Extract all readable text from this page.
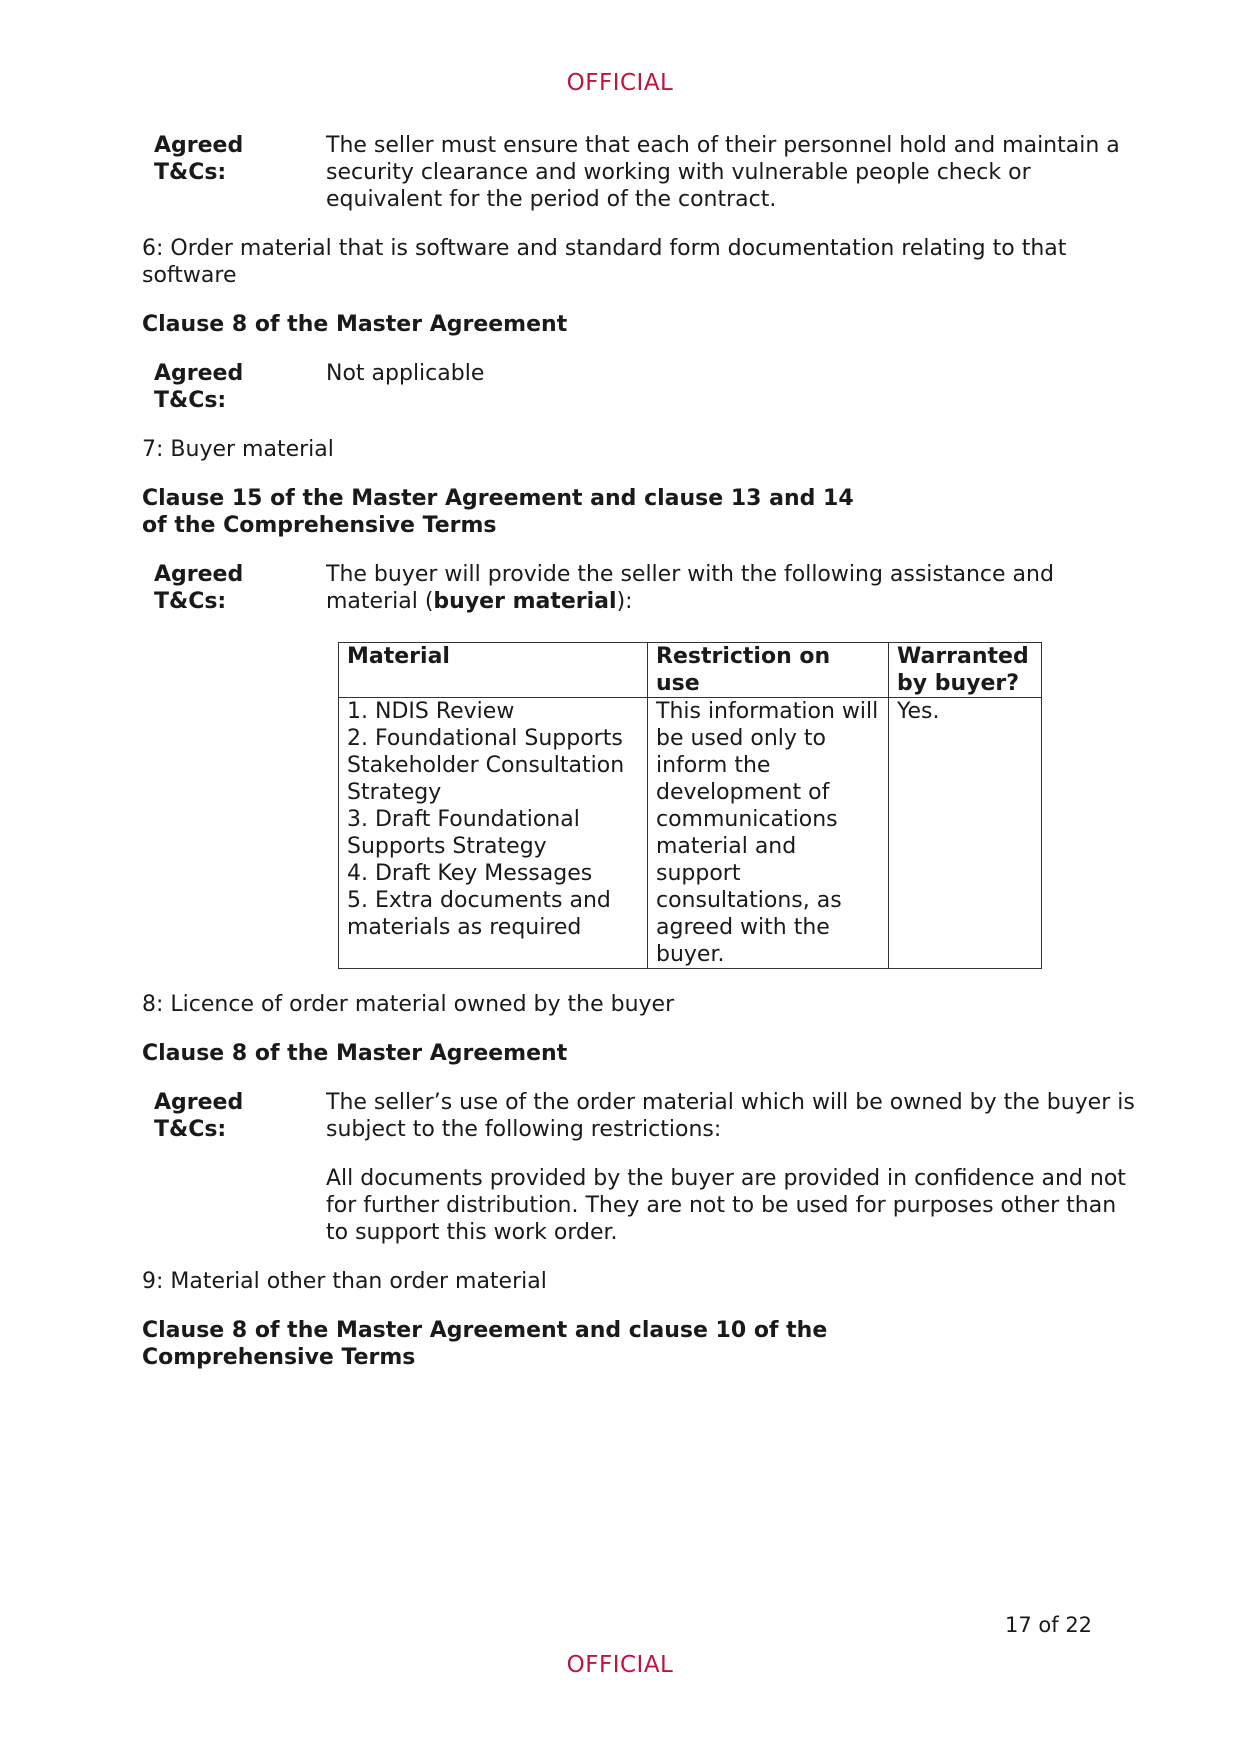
OFFICIAL
Agreed T&Cs:
The seller must ensure that each of their personnel hold and maintain a security clearance and working with vulnerable people check or equivalent for the period of the contract.
6: Order material that is software and standard form documentation relating to that software
Clause 8 of the Master Agreement
Agreed T&Cs:
Not applicable
7: Buyer material
Clause 15 of the Master Agreement and clause 13 and 14 of the Comprehensive Terms
Agreed T&Cs:
The buyer will provide the seller with the following assistance and material (buyer material):
Material	Restriction on use	Warranted by buyer?

1. NDIS Review
2. Foundational Supports Stakeholder Consultation Strategy
3. Draft Foundational Supports Strategy
4. Draft Key Messages
5. Extra documents and materials as required	This information will be used only to inform the development of communications material and support consultations, as agreed with the buyer.	Yes.
8: Licence of order material owned by the buyer
Clause 8 of the Master Agreement
Agreed T&Cs:
The seller’s use of the order material which will be owned by the buyer is subject to the following restrictions:
All documents provided by the buyer are provided in confidence and not for further distribution. They are not to be used for purposes other than to support this work order.
9: Material other than order material
Clause 8 of the Master Agreement and clause 10 of the Comprehensive Terms
17 of 22
OFFICIAL
